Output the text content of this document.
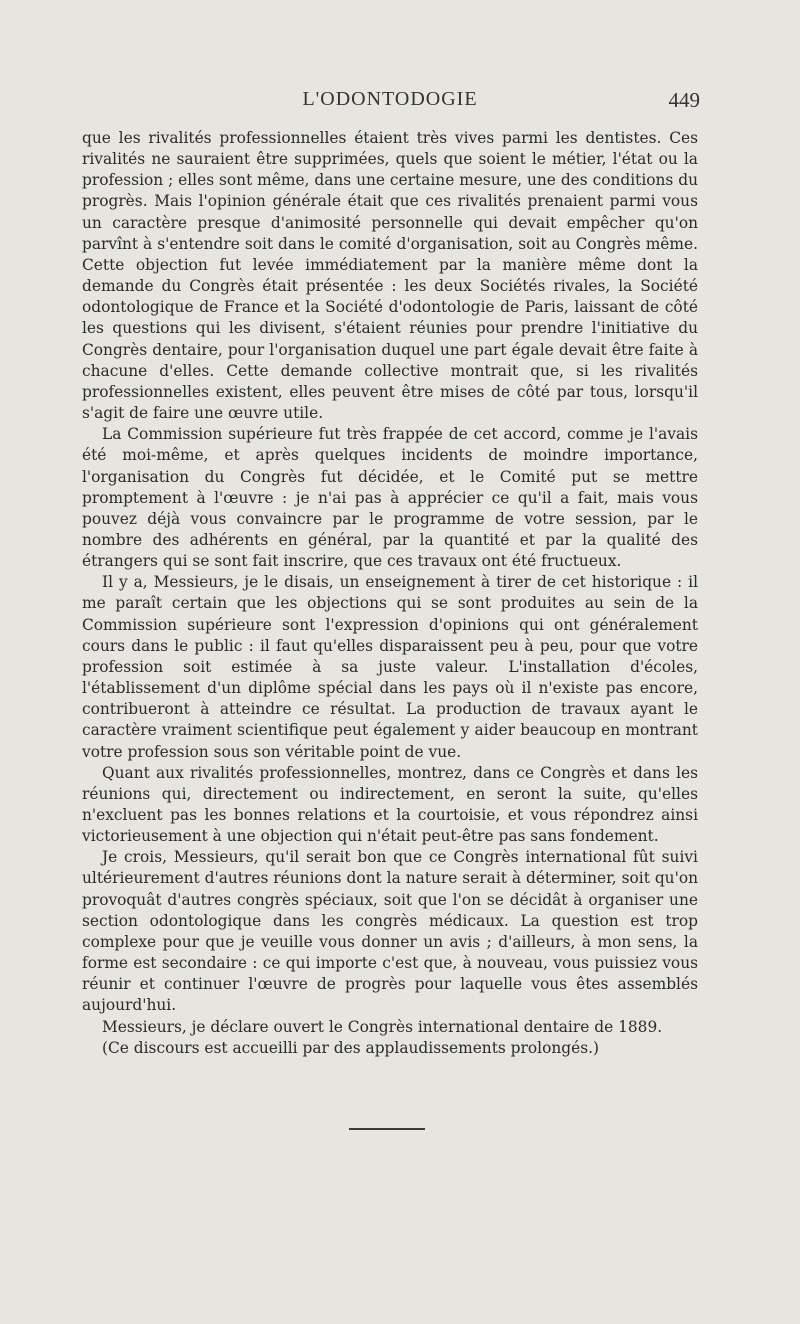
L'ODONTODOGIE	449

que les rivalités professionnelles étaient très vives parmi les dentistes. Ces rivalités ne sauraient être supprimées, quels que soient le métier, l'état ou la profession ; elles sont même, dans une certaine mesure, une des conditions du progrès. Mais l'opinion générale était que ces rivalités prenaient parmi vous un caractère presque d'animosité personnelle qui devait empêcher qu'on parvînt à s'entendre soit dans le comité d'organisation, soit au Congrès même. Cette objection fut levée immédiatement par la manière même dont la demande du Congrès était présentée : les deux Sociétés rivales, la Société odontologique de France et la Société d'odontologie de Paris, laissant de côté les questions qui les divisent, s'étaient réunies pour prendre l'initiative du Congrès dentaire, pour l'organisation duquel une part égale devait être faite à chacune d'elles. Cette demande collective montrait que, si les rivalités professionnelles existent, elles peuvent être mises de côté par tous, lorsqu'il s'agit de faire une œuvre utile.

La Commission supérieure fut très frappée de cet accord, comme je l'avais été moi-même, et après quelques incidents de moindre importance, l'organisation du Congrès fut décidée, et le Comité put se mettre promptement à l'œuvre : je n'ai pas à apprécier ce qu'il a fait, mais vous pouvez déjà vous convaincre par le programme de votre session, par le nombre des adhérents en général, par la quantité et par la qualité des étrangers qui se sont fait inscrire, que ces travaux ont été fructueux.

Il y a, Messieurs, je le disais, un enseignement à tirer de cet historique : il me paraît certain que les objections qui se sont produites au sein de la Commission supérieure sont l'expression d'opinions qui ont généralement cours dans le public : il faut qu'elles disparaissent peu à peu, pour que votre profession soit estimée à sa juste valeur. L'installation d'écoles, l'établissement d'un diplôme spécial dans les pays où il n'existe pas encore, contribueront à atteindre ce résultat. La production de travaux ayant le caractère vraiment scientifique peut également y aider beaucoup en montrant votre profession sous son véritable point de vue.

Quant aux rivalités professionnelles, montrez, dans ce Congrès et dans les réunions qui, directement ou indirectement, en seront la suite, qu'elles n'excluent pas les bonnes relations et la courtoisie, et vous répondrez ainsi victorieusement à une objection qui n'était peut-être pas sans fondement.

Je crois, Messieurs, qu'il serait bon que ce Congrès international fût suivi ultérieurement d'autres réunions dont la nature serait à déterminer, soit qu'on provoquât d'autres congrès spéciaux, soit que l'on se décidât à organiser une section odontologique dans les congrès médicaux. La question est trop complexe pour que je veuille vous donner un avis ; d'ailleurs, à mon sens, la forme est secondaire : ce qui importe c'est que, à nouveau, vous puissiez vous réunir et continuer l'œuvre de progrès pour laquelle vous êtes assemblés aujourd'hui.

Messieurs, je déclare ouvert le Congrès international dentaire de 1889.

(Ce discours est accueilli par des applaudissements prolongés.)
